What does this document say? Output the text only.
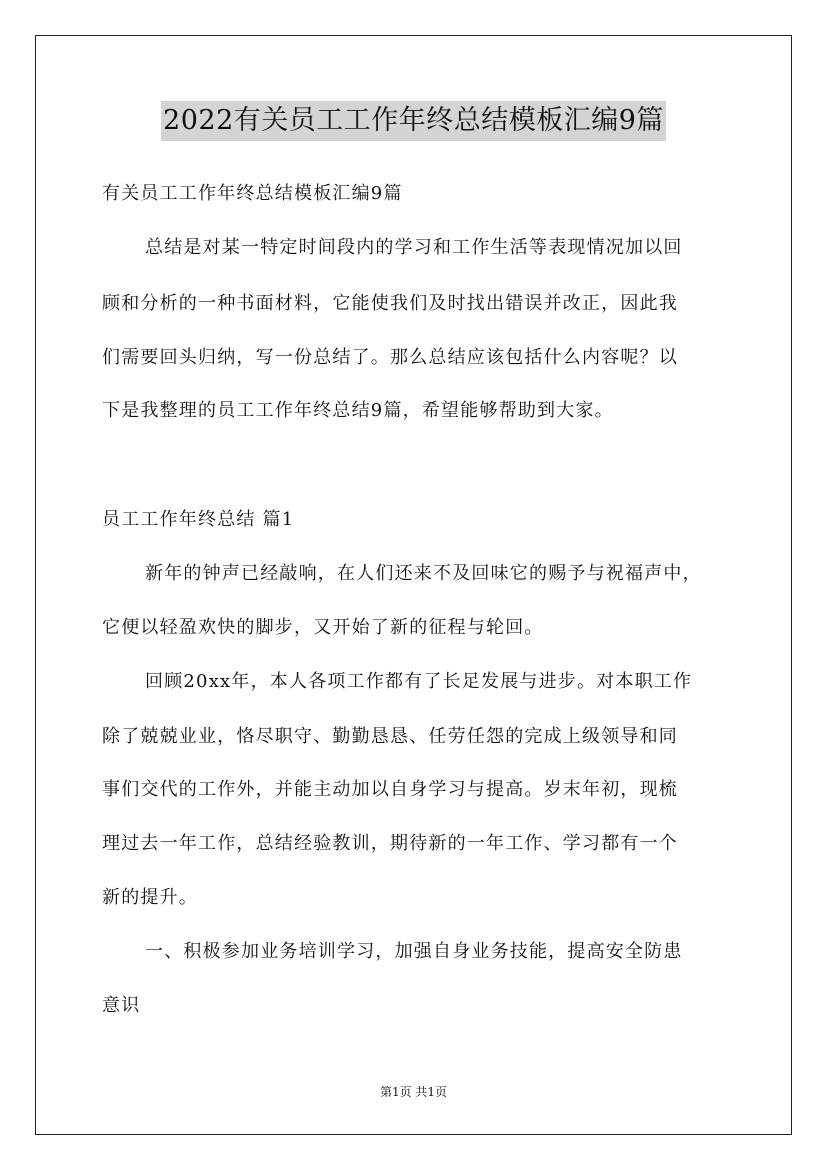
2022有关员工工作年终总结模板汇编9篇
有关员工工作年终总结模板汇编9篇
总结是对某一特定时间段内的学习和工作生活等表现情况加以回
顾和分析的一种书面材料，它能使我们及时找出错误并改正，因此我
们需要回头归纳，写一份总结了。那么总结应该包括什么内容呢？以
下是我整理的员工工作年终总结9篇，希望能够帮助到大家。
员工工作年终总结 篇1
新年的钟声已经敲响，在人们还来不及回味它的赐予与祝福声中，
它便以轻盈欢快的脚步，又开始了新的征程与轮回。
回顾20xx年，本人各项工作都有了长足发展与进步。对本职工作
除了兢兢业业，恪尽职守、勤勤恳恳、任劳任怨的完成上级领导和同
事们交代的工作外，并能主动加以自身学习与提高。岁末年初，现梳
理过去一年工作，总结经验教训，期待新的一年工作、学习都有一个
新的提升。
一、积极参加业务培训学习，加强自身业务技能，提高安全防患
意识
第1页 共1页
